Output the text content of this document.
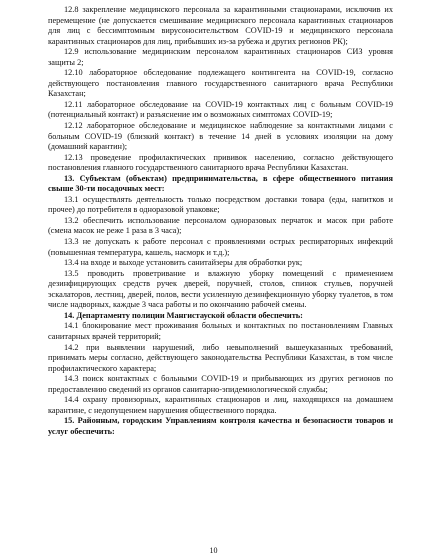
12.8 закрепление медицинского персонала за карантинными стационарами, исключив их перемещение (не допускается смешивание медицинского персонала карантинных стационаров для лиц с бессимптомным вирусоносительством COVID-19 и медицинского персонала карантинных стационаров для лиц, прибывших из-за рубежа и других регионов РК);

12.9 использование медицинским персоналом карантинных стационаров СИЗ уровня защиты 2;

12.10 лабораторное обследование подлежащего контингента на COVID-19, согласно действующего постановления главного государственного санитарного врача Республики Казахстан;

12.11 лабораторное обследование на COVID-19 контактных лиц с больным COVID-19 (потенциальный контакт) и разъяснение им о возможных симптомах COVID-19;

12.12 лабораторное обследование и медицинское наблюдение за контактными лицами с больным COVID-19 (близкий контакт) в течение 14 дней в условиях изоляции на дому (домашний карантин);

12.13 проведение профилактических прививок населению, согласно действующего постановления главного государственного санитарного врача Республики Казахстан.

13. Субъектам (объектам) предпринимательства, в сфере общественного питания свыше 30-ти посадочных мест:

13.1 осуществлять деятельность только посредством доставки товара (еды, напитков и прочее) до потребителя в одноразовой упаковке;

13.2 обеспечить использование персоналом одноразовых перчаток и масок при работе (смена масок не реже 1 раза в 3 часа);

13.3 не допускать к работе персонал с проявлениями острых респираторных инфекций (повышенная температура, кашель, насморк и т.д.);

13.4 на входе и выходе установить санитайзеры для обработки рук;

13.5 проводить проветривание и влажную уборку помещений с применением дезинфицирующих средств ручек дверей, поручней, столов, спинок стульев, поручней эскалаторов, лестниц, дверей, полов, вести усиленную дезинфекционную уборку туалетов, в том числе надворных, каждые 3 часа работы и по окончанию рабочей смены.

14. Департаменту полиции Мангистауской области обеспечить:

14.1 блокирование мест проживания больных и контактных по постановлениям Главных санитарных врачей территорий;

14.2 при выявлении нарушений, либо невыполнений вышеуказанных требований, принимать меры согласно, действующего законодательства Республики Казахстан, в том числе профилактического характера;

14.3 поиск контактных с больными COVID-19 и прибывающих из других регионов по предоставлению сведений из органов санитарно-эпидемиологической службы;

14.4 охрану провизорных, карантинных стационаров и лиц, находящихся на домашнем карантине, с недопущением нарушения общественного порядка.

15. Районным, городским Управлениям контроля качества и безопасности товаров и услуг обеспечить:

10
